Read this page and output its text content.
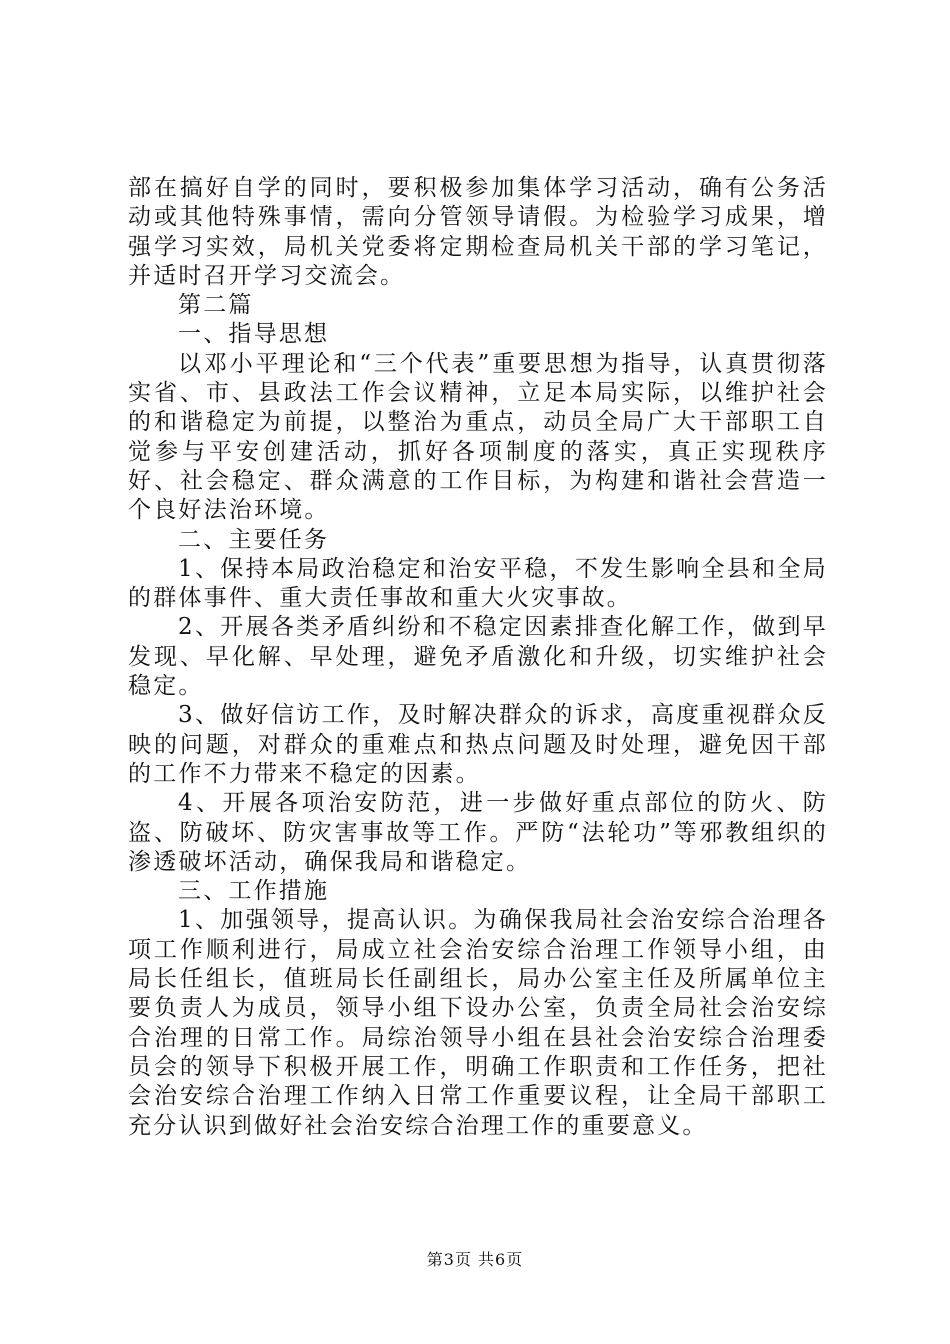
部在搞好自学的同时，要积极参加集体学习活动，确有公务活动或其他特殊事情，需向分管领导请假。为检验学习成果，增强学习实效，局机关党委将定期检查局机关干部的学习笔记，并适时召开学习交流会。

第二篇

一、指导思想

以邓小平理论和“三个代表”重要思想为指导，认真贯彻落实省、市、县政法工作会议精神，立足本局实际，以维护社会的和谐稳定为前提，以整治为重点，动员全局广大干部职工自觉参与平安创建活动，抓好各项制度的落实，真正实现秩序好、社会稳定、群众满意的工作目标，为构建和谐社会营造一个良好法治环境。

二、主要任务

1、保持本局政治稳定和治安平稳，不发生影响全县和全局的群体事件、重大责任事故和重大火灾事故。

2、开展各类矛盾纠纷和不稳定因素排查化解工作，做到早发现、早化解、早处理，避免矛盾激化和升级，切实维护社会稳定。

3、做好信访工作，及时解决群众的诉求，高度重视群众反映的问题，对群众的重难点和热点问题及时处理，避免因干部的工作不力带来不稳定的因素。

4、开展各项治安防范，进一步做好重点部位的防火、防盗、防破坏、防灾害事故等工作。严防“法轮功”等邪教组织的渗透破坏活动，确保我局和谐稳定。

三、工作措施

1、加强领导，提高认识。为确保我局社会治安综合治理各项工作顺利进行，局成立社会治安综合治理工作领导小组，由局长任组长，值班局长任副组长，局办公室主任及所属单位主要负责人为成员，领导小组下设办公室，负责全局社会治安综合治理的日常工作。局综治领导小组在县社会治安综合治理委员会的领导下积极开展工作，明确工作职责和工作任务，把社会治安综合治理工作纳入日常工作重要议程，让全局干部职工充分认识到做好社会治安综合治理工作的重要意义。

第3页 共6页
